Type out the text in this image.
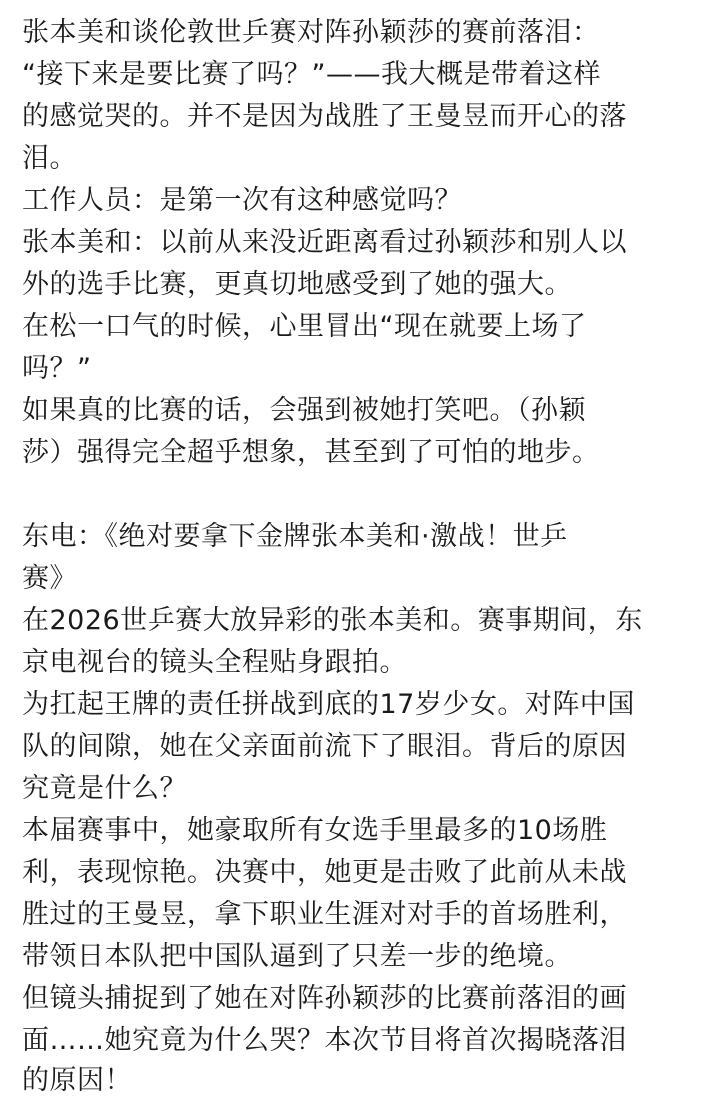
张本美和谈伦敦世乒赛对阵孙颖莎的赛前落泪：

“接下来是要比赛了吗？”——我大概是带着这样

的感觉哭的。并不是因为战胜了王曼昱而开心的落

泪。

工作人员：是第一次有这种感觉吗？

张本美和：以前从来没近距离看过孙颖莎和别人以

外的选手比赛，更真切地感受到了她的强大。

在松一口气的时候，心里冒出“现在就要上场了

吗？”

如果真的比赛的话，会强到被她打笑吧。（孙颖

莎）强得完全超乎想象，甚至到了可怕的地步。

东电：《绝对要拿下金牌张本美和·激战！世乒

赛》

在2026世乒赛大放异彩的张本美和。赛事期间，东

京电视台的镜头全程贴身跟拍。

为扛起王牌的责任拼战到底的17岁少女。对阵中国

队的间隙，她在父亲面前流下了眼泪。背后的原因

究竟是什么？

本届赛事中，她豪取所有女选手里最多的10场胜

利，表现惊艳。决赛中，她更是击败了此前从未战

胜过的王曼昱，拿下职业生涯对对手的首场胜利，

带领日本队把中国队逼到了只差一步的绝境。

但镜头捕捉到了她在对阵孙颖莎的比赛前落泪的画

面……她究竟为什么哭？本次节目将首次揭晓落泪

的原因！
